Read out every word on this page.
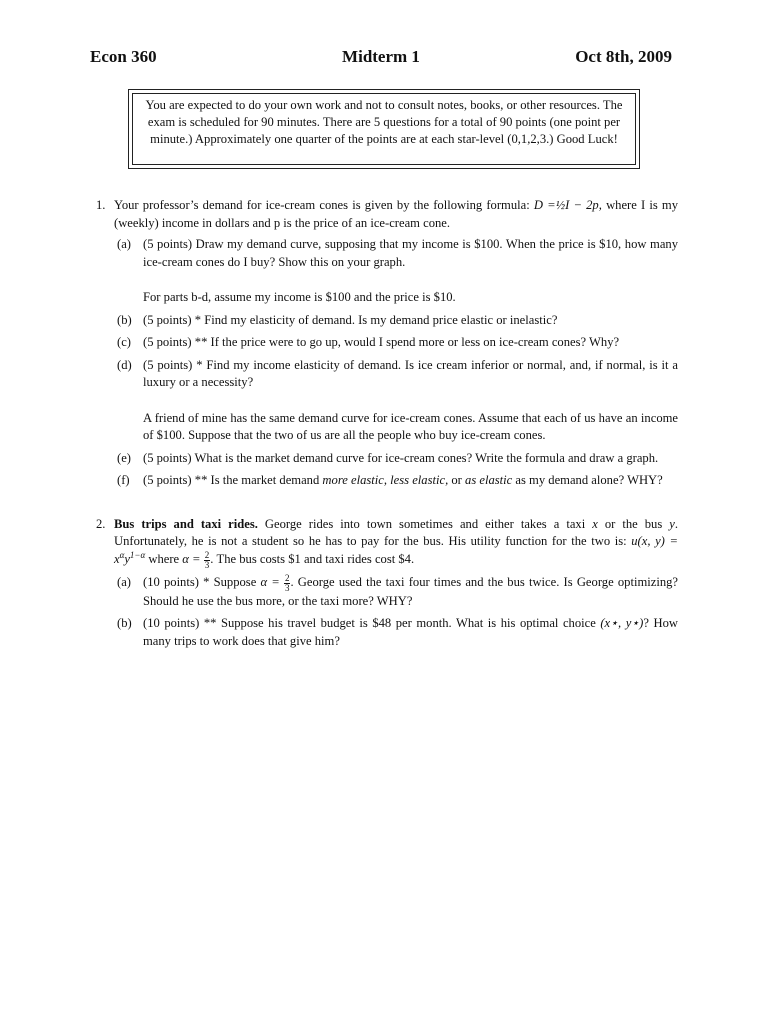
Econ 360	Midterm 1	Oct 8th, 2009
You are expected to do your own work and not to consult notes, books, or other resources. The exam is scheduled for 90 minutes. There are 5 questions for a total of 90 points (one point per minute.) Approximately one quarter of the points are at each star-level (0,1,2,3.) Good Luck!
1. Your professor’s demand for ice-cream cones is given by the following formula: D =½I − 2p, where I is my (weekly) income in dollars and p is the price of an ice-cream cone.
(a) (5 points) Draw my demand curve, supposing that my income is $100. When the price is $10, how many ice-cream cones do I buy? Show this on your graph.
For parts b-d, assume my income is $100 and the price is $10.
(b) (5 points) * Find my elasticity of demand. Is my demand price elastic or inelastic?
(c) (5 points) ** If the price were to go up, would I spend more or less on ice-cream cones? Why?
(d) (5 points) * Find my income elasticity of demand. Is ice cream inferior or normal, and, if normal, is it a luxury or a necessity?
A friend of mine has the same demand curve for ice-cream cones. Assume that each of us have an income of $100. Suppose that the two of us are all the people who buy ice-cream cones.
(e) (5 points) What is the market demand curve for ice-cream cones? Write the formula and draw a graph.
(f) (5 points) ** Is the market demand more elastic, less elastic, or as elastic as my demand alone? WHY?
2. Bus trips and taxi rides. George rides into town sometimes and either takes a taxi x or the bus y. Unfortunately, he is not a student so he has to pay for the bus. His utility function for the two is: u(x, $y) = x^\alpha y^{1-\alpha}$ where $\alpha = \frac{2}{3}$ . The bus costs $1 and taxi rides cost $4.
(a) (10 points) * Suppose $\alpha = \frac{2}{3}$ . George used the taxi four times and the bus twice. Is George optimizing? Should he use the bus more, or the taxi more? WHY?
(b) (10 points) ** Suppose his travel budget is $48 per month. What is his optimal choice (x⋆, y⋆)? How many trips to work does that give him?
